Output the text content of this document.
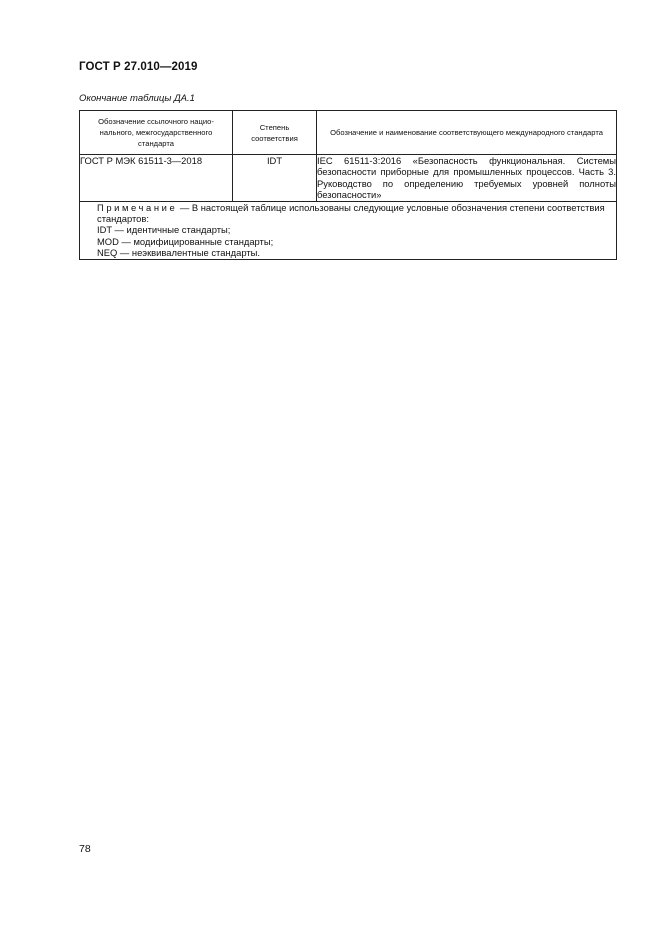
ГОСТ Р 27.010—2019
Окончание таблицы ДА.1
Обозначение ссылочного нацио-нального, межгосударственного стандарта	Степень соответствия	Обозначение и наименование соответствующего международного стандарта
ГОСТ Р МЭК 61511-3—2018	IDT	IEC 61511-3:2016 «Безопасность функциональная. Системы безопасности приборные для промышленных процессов. Часть 3. Руководство по определению требуемых уровней полноты безопасности»

Примечание — В настоящей таблице использованы следующие условные обозначения степени соответствия стандартов:
IDT — идентичные стандарты;
MOD — модифицированные стандарты;
NEQ — неэквивалентные стандарты.		
78
